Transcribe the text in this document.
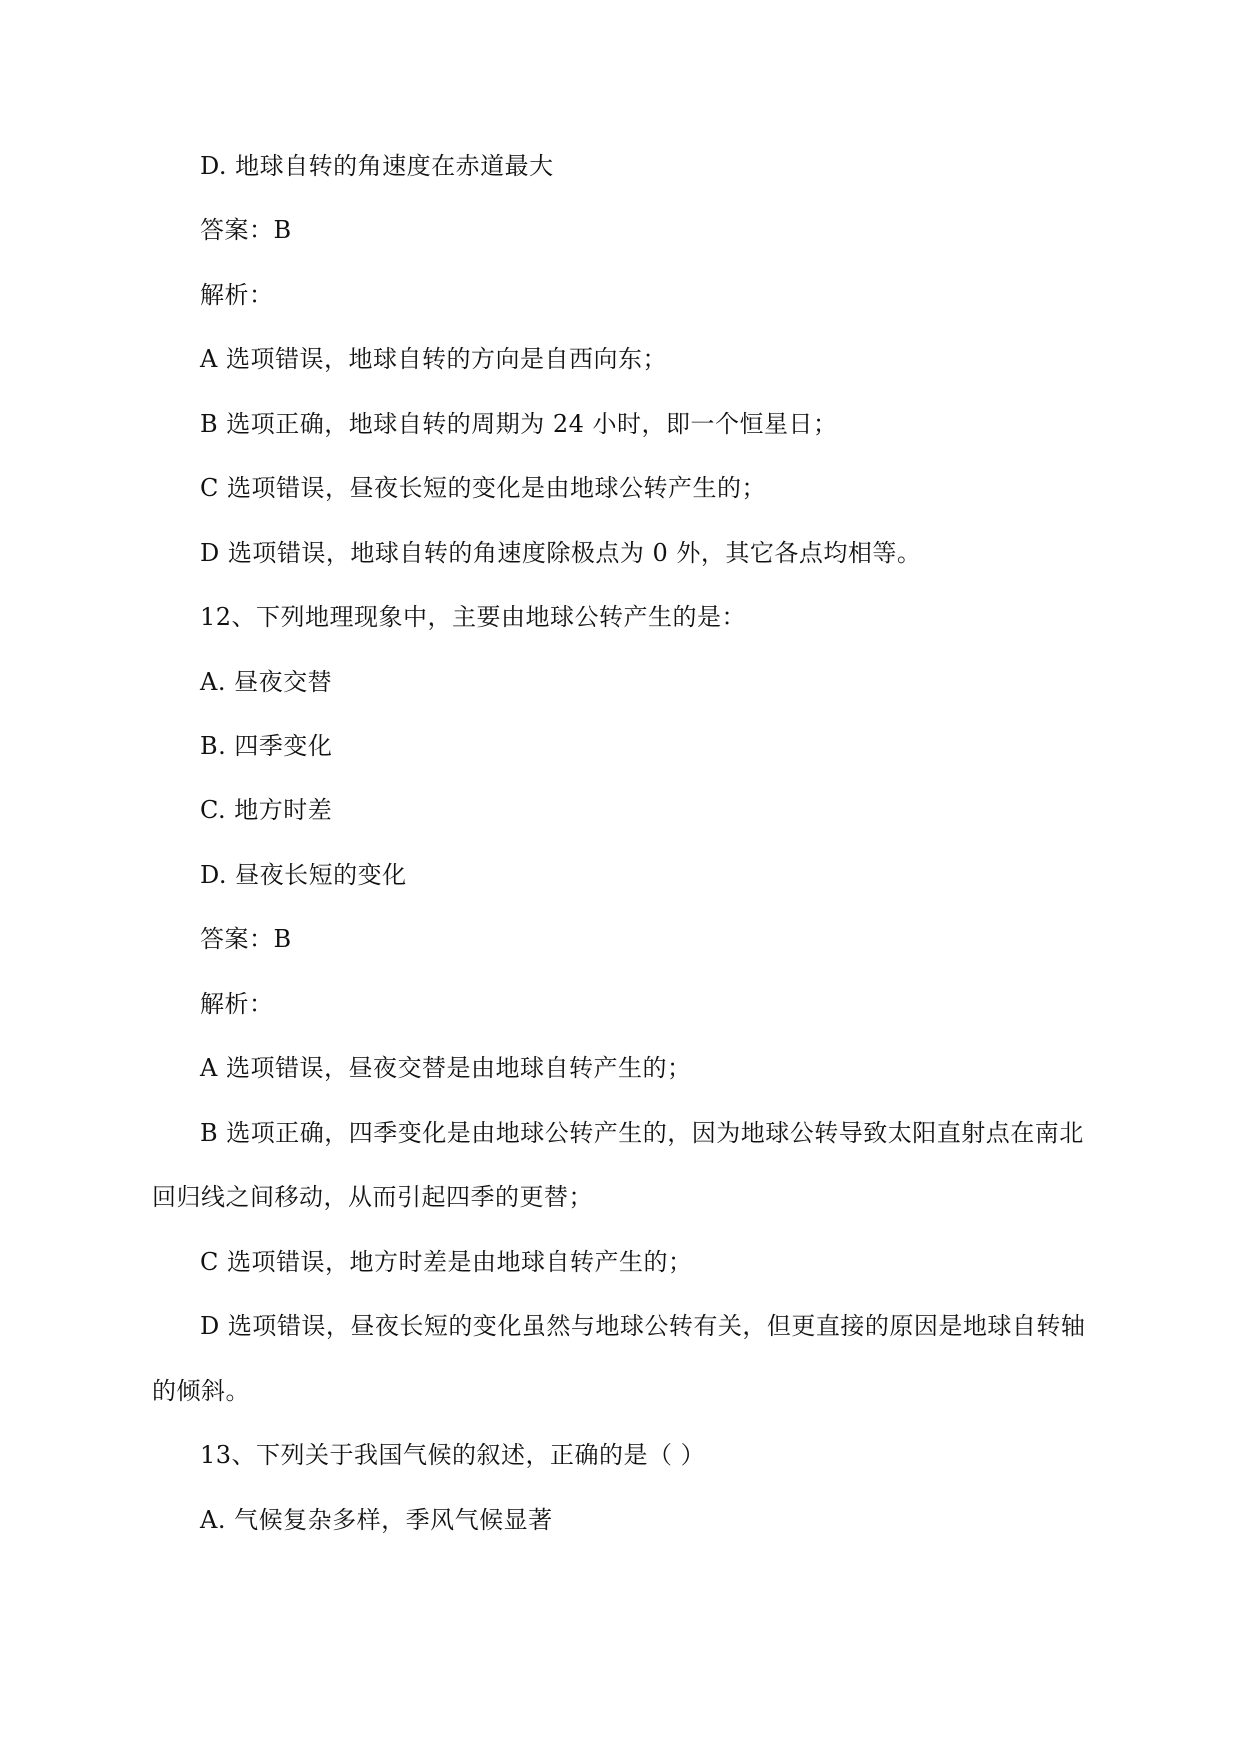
D. 地球自转的角速度在赤道最大
答案：B
解析：
A 选项错误，地球自转的方向是自西向东；
B 选项正确，地球自转的周期为 24 小时，即一个恒星日；
C 选项错误，昼夜长短的变化是由地球公转产生的；
D 选项错误，地球自转的角速度除极点为 0 外，其它各点均相等。
12、下列地理现象中，主要由地球公转产生的是：
A. 昼夜交替
B. 四季变化
C. 地方时差
D. 昼夜长短的变化
答案：B
解析：
A 选项错误，昼夜交替是由地球自转产生的；
B 选项正确，四季变化是由地球公转产生的，因为地球公转导致太阳直射点在南北
回归线之间移动，从而引起四季的更替；
C 选项错误，地方时差是由地球自转产生的；
D 选项错误，昼夜长短的变化虽然与地球公转有关，但更直接的原因是地球自转轴
的倾斜。
13、下列关于我国气候的叙述，正确的是（ ）
A. 气候复杂多样，季风气候显著
